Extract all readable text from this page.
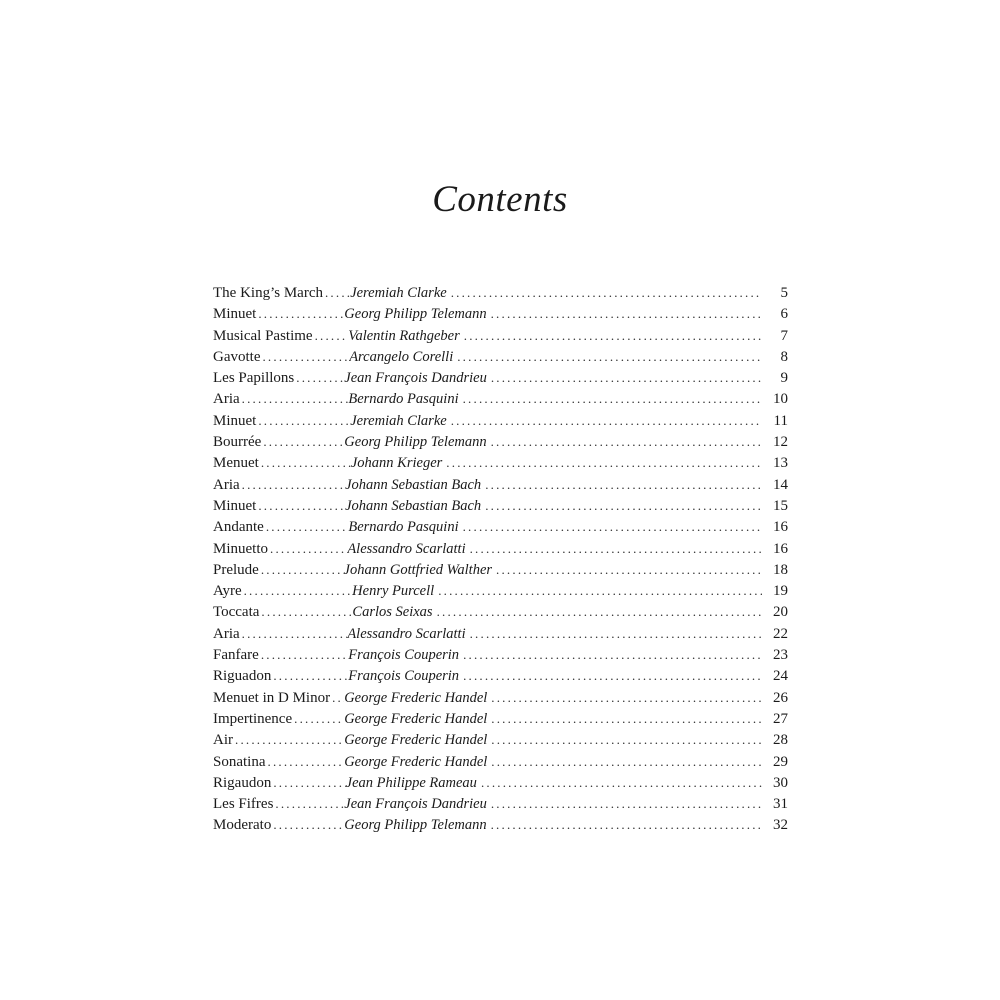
Contents
The King’s March ..... Jeremiah Clarke .....	5
Minuet .....	Georg Philipp Telemann .....	6
Musical Pastime ..... Valentin Rathgeber .....	7
Gavotte .....	Arcangelo Corelli .....	8
Les Papillons .....	Jean François Dandrieu .....	9
Aria .....	Bernardo Pasquini .....	10
Minuet .....	Jeremiah Clarke .....	11
Bourrée .....	Georg Philipp Telemann .....	12
Menuet .....	Johann Krieger .....	13
Aria .....	Johann Sebastian Bach .....	14
Minuet .....	Johann Sebastian Bach .....	15
Andante .....	Bernardo Pasquini .....	16
Minuetto .....	Alessandro Scarlatti .....	16
Prelude .....	Johann Gottfried Walther .....	18
Ayre .....	Henry Purcell .....	19
Toccata .....	Carlos Seixas .....	20
Aria .....	Alessandro Scarlatti .....	22
Fanfare .....	François Couperin .....	23
Riguadon .....	François Couperin .....	24
Menuet in D Minor ..... George Frederic Handel .....	26
Impertinence .....	George Frederic Handel .....	27
Air .....	George Frederic Handel .....	28
Sonatina .....	George Frederic Handel .....	29
Rigaudon .....	Jean Philippe Rameau .....	30
Les Fifres .....	Jean François Dandrieu .....	31
Moderato .....	Georg Philipp Telemann .....	32
